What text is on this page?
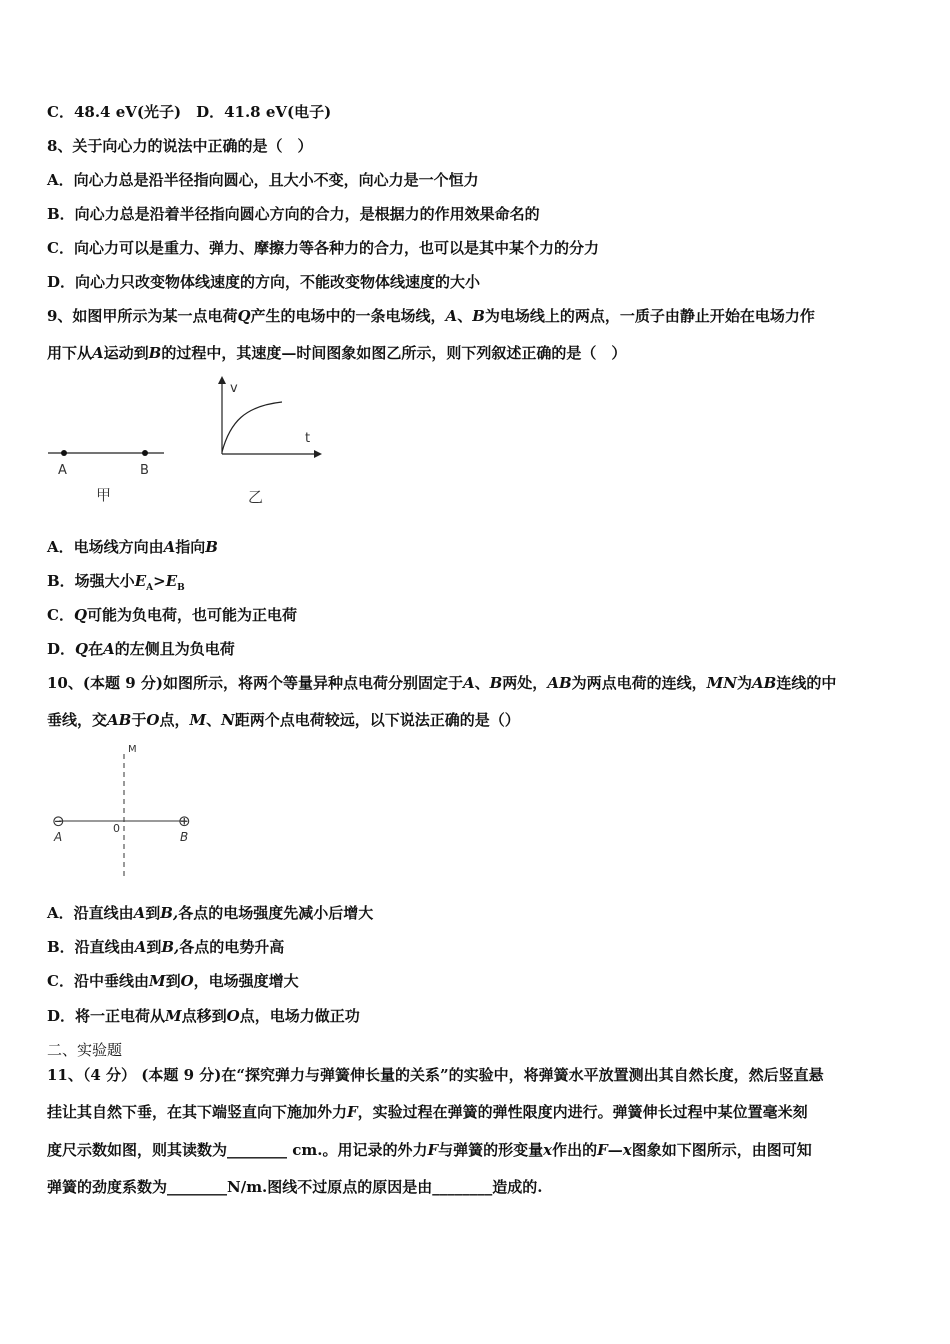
C．48.4 eV(光子)　D．41.8 eV(电子)
8、关于向心力的说法中正确的是（　）
A．向心力总是沿半径指向圆心，且大小不变，向心力是一个恒力
B．向心力总是沿着半径指向圆心方向的合力，是根据力的作用效果命名的
C．向心力可以是重力、弹力、摩擦力等各种力的合力，也可以是其中某个力的分力
D．向心力只改变物体线速度的方向，不能改变物体线速度的大小
9、如图甲所示为某一点电荷Q产生的电场中的一条电场线，A、B为电场线上的两点，一质子由静止开始在电场力作
用下从A运动到B的过程中，其速度—时间图象如图乙所示，则下列叙述正确的是（　）
A	B
甲
v
t
乙
A．电场线方向由A指向B
B．场强大小$E_A>E_B$
C．Q可能为负电荷，也可能为正电荷
D．Q在A的左侧且为负电荷
10、(本题 9 分)如图所示，将两个等量异种点电荷分别固定于A、B两处，AB为两点电荷的连线，MN为AB连线的中
垂线，交AB于O点，M、N距两个点电荷较远，以下说法正确的是（）
M
⊖	⊕
A
0
B
A．沿直线由A到B,各点的电场强度先减小后增大
B．沿直线由A到B,各点的电势升高
C．沿中垂线由M到O，电场强度增大
D．将一正电荷从M点移到O点，电场力做正功
二、实验题
11、（4 分） (本题 9 分)在“探究弹力与弹簧伸长量的关系”的实验中，将弹簧水平放置测出其自然长度，然后竖直悬
挂让其自然下垂，在其下端竖直向下施加外力F，实验过程在弹簧的弹性限度内进行。弹簧伸长过程中某位置毫米刻
度尺示数如图，则其读数为________ cm.。用记录的外力F与弹簧的形变量x作出的F—x图象如下图所示，由图可知
弹簧的劲度系数为________N/m.图线不过原点的原因是由________造成的.
